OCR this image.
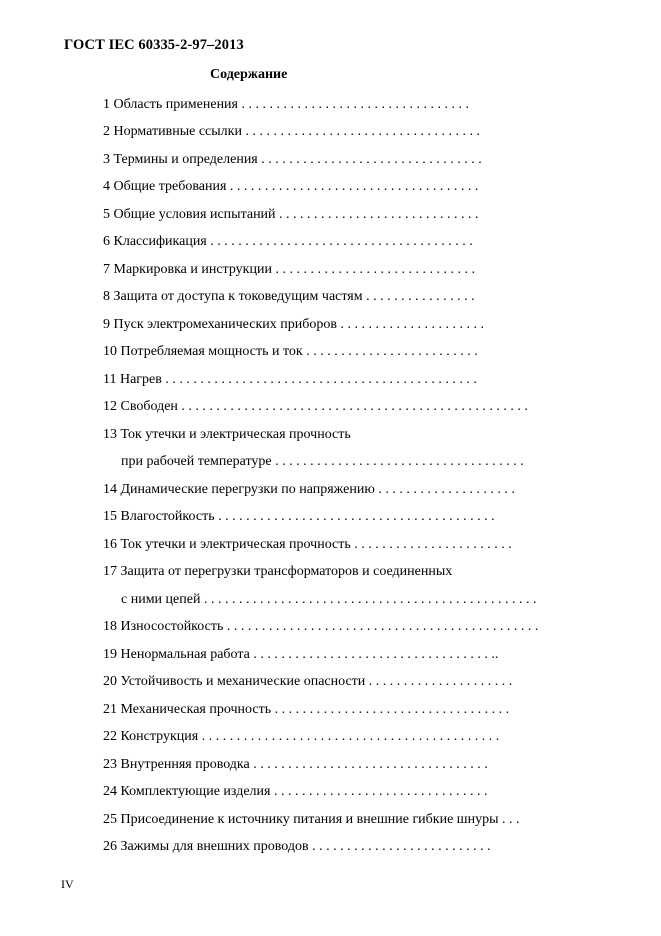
ГОСТ IEC 60335-2-97–2013
Содержание
1 Область применения . . . . . . . . . . . . . . . . . . . . . . . . . . . . . . . . .
2 Нормативные ссылки . . . . . . . . . . . . . . . . . . . . . . . . . . . . . . . . . .
3 Термины и определения . . . . . . . . . . . . . . . . . . . . . . . . . . . . . . . .
4 Общие требования . . . . . . . . . . . . . . . . . . . . . . . . . . . . . . . . . . . .
5 Общие условия испытаний . . . . . . . . . . . . . . . . . . . . . . . . . . . . .
6 Классификация . . . . . . . . . . . . . . . . . . . . . . . . . . . . . . . . . . . . . .
7 Маркировка и инструкции . . . . . . . . . . . . . . . . . . . . . . . . . . . . .
8 Защита от доступа к токоведущим частям . . . . . . . . . . . . . . . .
9 Пуск электромеханических приборов . . . . . . . . . . . . . . . . . . . . .
10 Потребляемая мощность и ток . . . . . . . . . . . . . . . . . . . . . . . . .
11 Нагрев . . . . . . . . . . . . . . . . . . . . . . . . . . . . . . . . . . . . . . . . . . . . .
12 Свободен . . . . . . . . . . . . . . . . . . . . . . . . . . . . . . . . . . . . . . . . . . . . . . . . . .
13 Ток утечки и электрическая прочность
при рабочей температуре . . . . . . . . . . . . . . . . . . . . . . . . . . . . . . . . . . . .
14 Динамические перегрузки по напряжению . . . . . . . . . . . . . . . . . . . .
15 Влагостойкость . . . . . . . . . . . . . . . . . . . . . . . . . . . . . . . . . . . . . . . .
16 Ток утечки и электрическая прочность . . . . . . . . . . . . . . . . . . . . . . .
17 Защита от перегрузки трансформаторов и соединенных
с ними цепей . . . . . . . . . . . . . . . . . . . . . . . . . . . . . . . . . . . . . . . . . . . . . . . .
18 Износостойкость . . . . . . . . . . . . . . . . . . . . . . . . . . . . . . . . . . . . . . . . . . . . .
19 Ненормальная работа . . . . . . . . . . . . . . . . . . . . . . . . . . . . . . . . . . ..
20 Устойчивость и механические опасности . . . . . . . . . . . . . . . . . . . . .
21 Механическая прочность . . . . . . . . . . . . . . . . . . . . . . . . . . . . . . . . . .
22 Конструкция . . . . . . . . . . . . . . . . . . . . . . . . . . . . . . . . . . . . . . . . . . .
23 Внутренняя проводка . . . . . . . . . . . . . . . . . . . . . . . . . . . . . . . . . .
24 Комплектующие изделия . . . . . . . . . . . . . . . . . . . . . . . . . . . . . . .
25 Присоединение к источнику питания и внешние гибкие шнуры . . .
26 Зажимы для внешних проводов . . . . . . . . . . . . . . . . . . . . . . . . . .
IV
